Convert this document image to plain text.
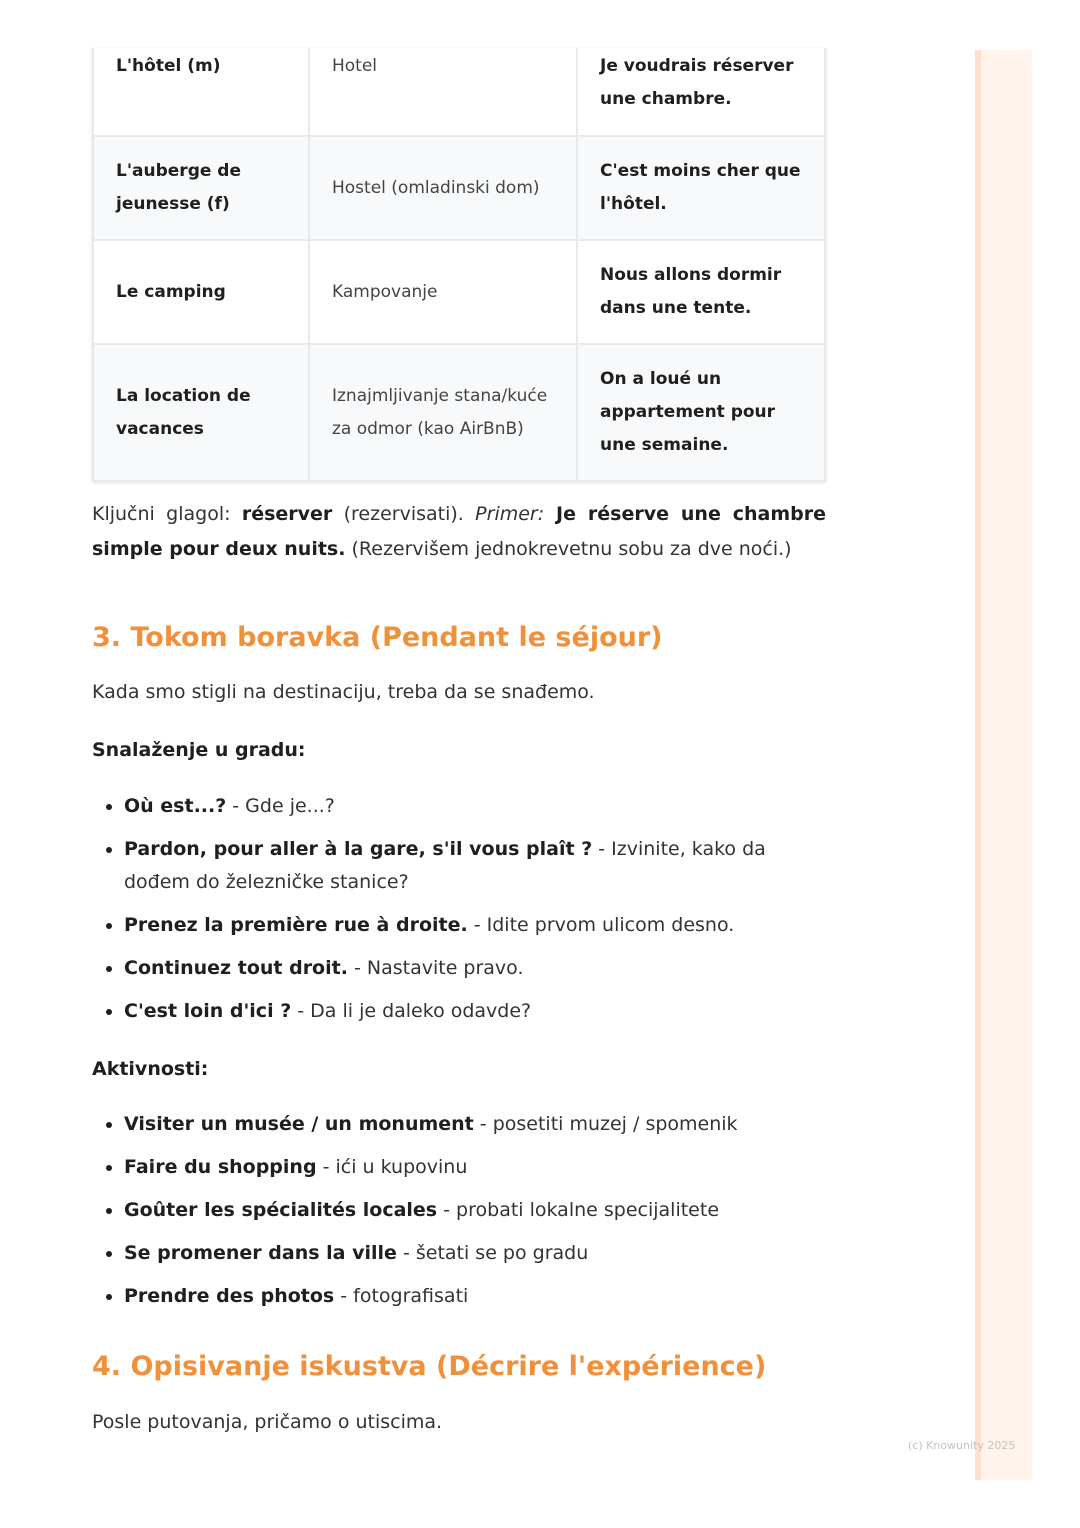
L'hôtel (m)	Hotel	Je voudrais réserver une chambre.
L'auberge de jeunesse (f)	Hostel (omladinski dom)	C'est moins cher que l'hôtel.
Le camping	Kampovanje	Nous allons dormir dans une tente.
La location de vacances	Iznajmljivanje stana/kuće za odmor (kao AirBnB)	On a loué un appartement pour une semaine.

Ključni glagol: réserver (rezervisati). Primer: Je réserve une chambre simple pour deux nuits. (Rezervišem jednokrevetnu sobu za dve noći.)

3. Tokom boravka (Pendant le séjour)

Kada smo stigli na destinaciju, treba da se snađemo.

Snalaženje u gradu:
• Où est...? - Gde je...?
• Pardon, pour aller à la gare, s'il vous plaît ? - Izvinite, kako da dođem do železničke stanice?
• Prenez la première rue à droite. - Idite prvom ulicom desno.
• Continuez tout droit. - Nastavite pravo.
• C'est loin d'ici ? - Da li je daleko odavde?
Aktivnosti:
• Visiter un musée / un monument - posetiti muzej / spomenik
• Faire du shopping - ići u kupovinu
• Goûter les spécialités locales - probati lokalne specijalitete
• Se promener dans la ville - šetati se po gradu
• Prendre des photos - fotografisati
4. Opisivanje iskustva (Décrire l'expérience)

Posle putovanja, pričamo o utiscima.

(c) Knowunity 2025
